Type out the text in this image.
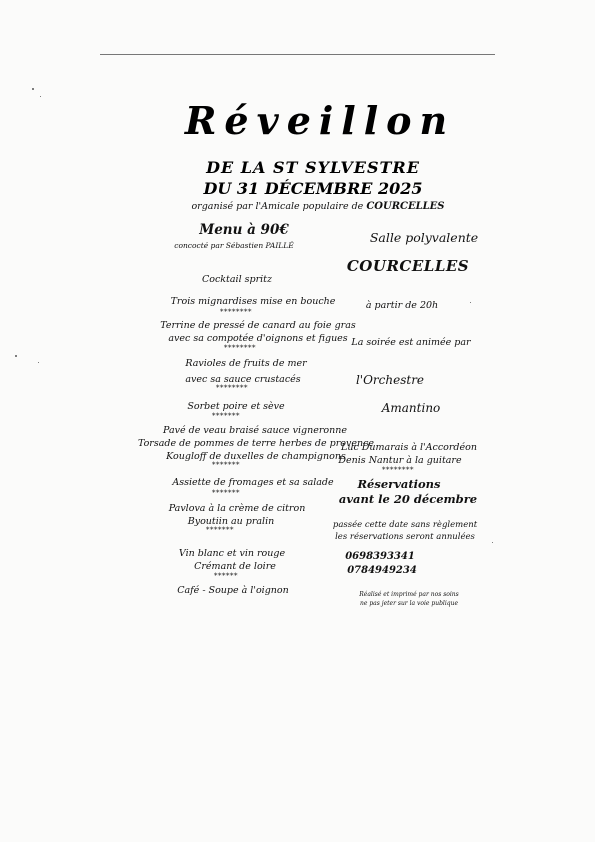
Réveillon
DE LA ST SYLVESTRE
DU 31 DÉCEMBRE 2025
organisé par l'Amicale populaire de COURCELLES
Menu à 90€
concocté par Sébastien PAILLÉ
Cocktail spritz
Trois mignardises mise en bouche
********
Terrine de pressé de canard au foie gras
avec sa compotée d'oignons et figues
********
Ravioles de fruits de mer
avec sa sauce crustacés
********
Sorbet poire et sève
*******
Pavé de veau braisé sauce vigneronne
Torsade de pommes de terre herbes de provence
Kougloff de duxelles de champignons
*******
Assiette de fromages et sa salade
*******
Pavlova à la crème de citron
Byoutiin au pralin
*******
Vin blanc et vin rouge
Crémant de loire
******
Café - Soupe à l'oignon
Salle polyvalente
COURCELLES
à partir de 20h
La soirée est animée par
l'Orchestre
Amantino
Luc Dumarais à l'Accordéon
Denis Nantur à la guitare
********
Réservations
avant le 20 décembre
passée cette date sans règlement
les réservations seront annulées
0698393341
0784949234
Réalisé et imprimé par nos soins
ne pas jeter sur la voie publique
